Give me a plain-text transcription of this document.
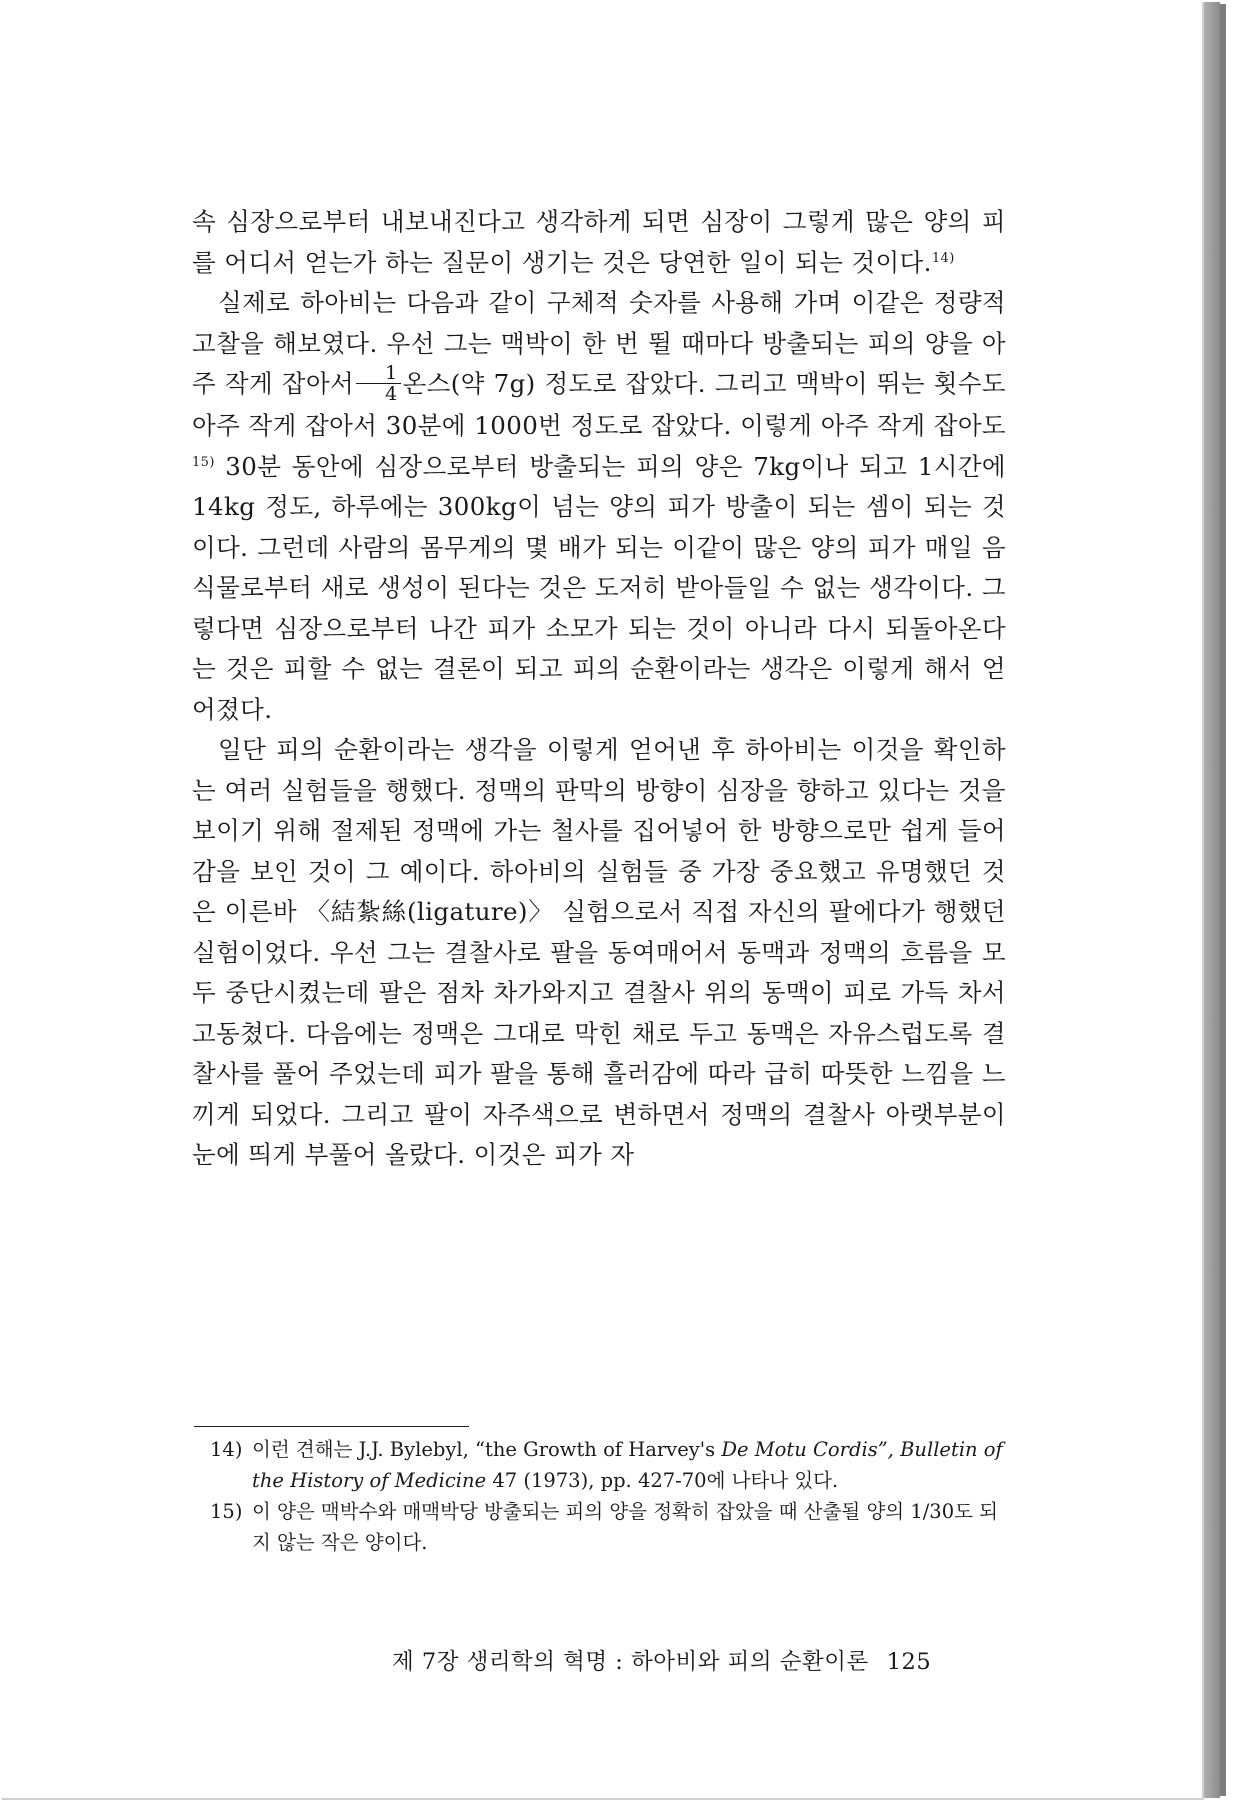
속 심장으로부터 내보내진다고 생각하게 되면 심장이 그렇게 많은 양의 피를 어디서 얻는가 하는 질문이 생기는 것은 당연한 일이 되는 것이다.$^{14)}$

실제로 하아비는 다음과 같이 구체적 숫자를 사용해 가며 이같은 정량적 고찰을 해보였다. 우선 그는 맥박이 한 번 뛸 때마다 방출되는 피의 양을 아주 작게 잡아서 $\frac{1}{4}$ 온스(약 7g) 정도로 잡았다. 그리고 맥박이 뛰는 횟수도 아주 작게 잡아서 30분에 1000번 정도로 잡았다. 이렇게 아주 작게 잡아도$^{15)}$ 30분 동안에 심장으로부터 방출되는 피의 양은 7kg이나 되고 1시간에 14kg 정도, 하루에는 300kg이 넘는 양의 피가 방출이 되는 셈이 되는 것이다. 그런데 사람의 몸무게의 몇 배가 되는 이같이 많은 양의 피가 매일 음식물로부터 새로 생성이 된다는 것은 도저히 받아들일 수 없는 생각이다. 그렇다면 심장으로부터 나간 피가 소모가 되는 것이 아니라 다시 되돌아온다는 것은 피할 수 없는 결론이 되고 피의 순환이라는 생각은 이렇게 해서 얻어졌다.

일단 피의 순환이라는 생각을 이렇게 얻어낸 후 하아비는 이것을 확인하는 여러 실험들을 행했다. 정맥의 판막의 방향이 심장을 향하고 있다는 것을 보이기 위해 절제된 정맥에 가는 철사를 집어넣어 한 방향으로만 쉽게 들어감을 보인 것이 그 예이다. 하아비의 실험들 중 가장 중요했고 유명했던 것은 이른바 〈結紮絲(ligature)〉 실험으로서 직접 자신의 팔에다가 행했던 실험이었다. 우선 그는 결찰사로 팔을 동여매어서 동맥과 정맥의 흐름을 모두 중단시켰는데 팔은 점차 차가와지고 결찰사 위의 동맥이 피로 가득 차서 고동쳤다. 다음에는 정맥은 그대로 막힌 채로 두고 동맥은 자유스럽도록 결찰사를 풀어 주었는데 피가 팔을 통해 흘러감에 따라 급히 따뜻한 느낌을 느끼게 되었다. 그리고 팔이 자주색으로 변하면서 정맥의 결찰사 아랫부분이 눈에 띄게 부풀어 올랐다. 이것은 피가 자

14) 이런 견해는 J.J. Bylebyl, “the Growth of Harvey's De Motu Cordis”, Bulletin of the History of Medicine 47 (1973), pp. 427-70에 나타나 있다.

15) 이 양은 맥박수와 매맥박당 방출되는 피의 양을 정확히 잡았을 때 산출될 양의 1/30도 되지 않는 작은 양이다.

제 7장 생리학의 혁명 : 하아비와 피의 순환이론 125
